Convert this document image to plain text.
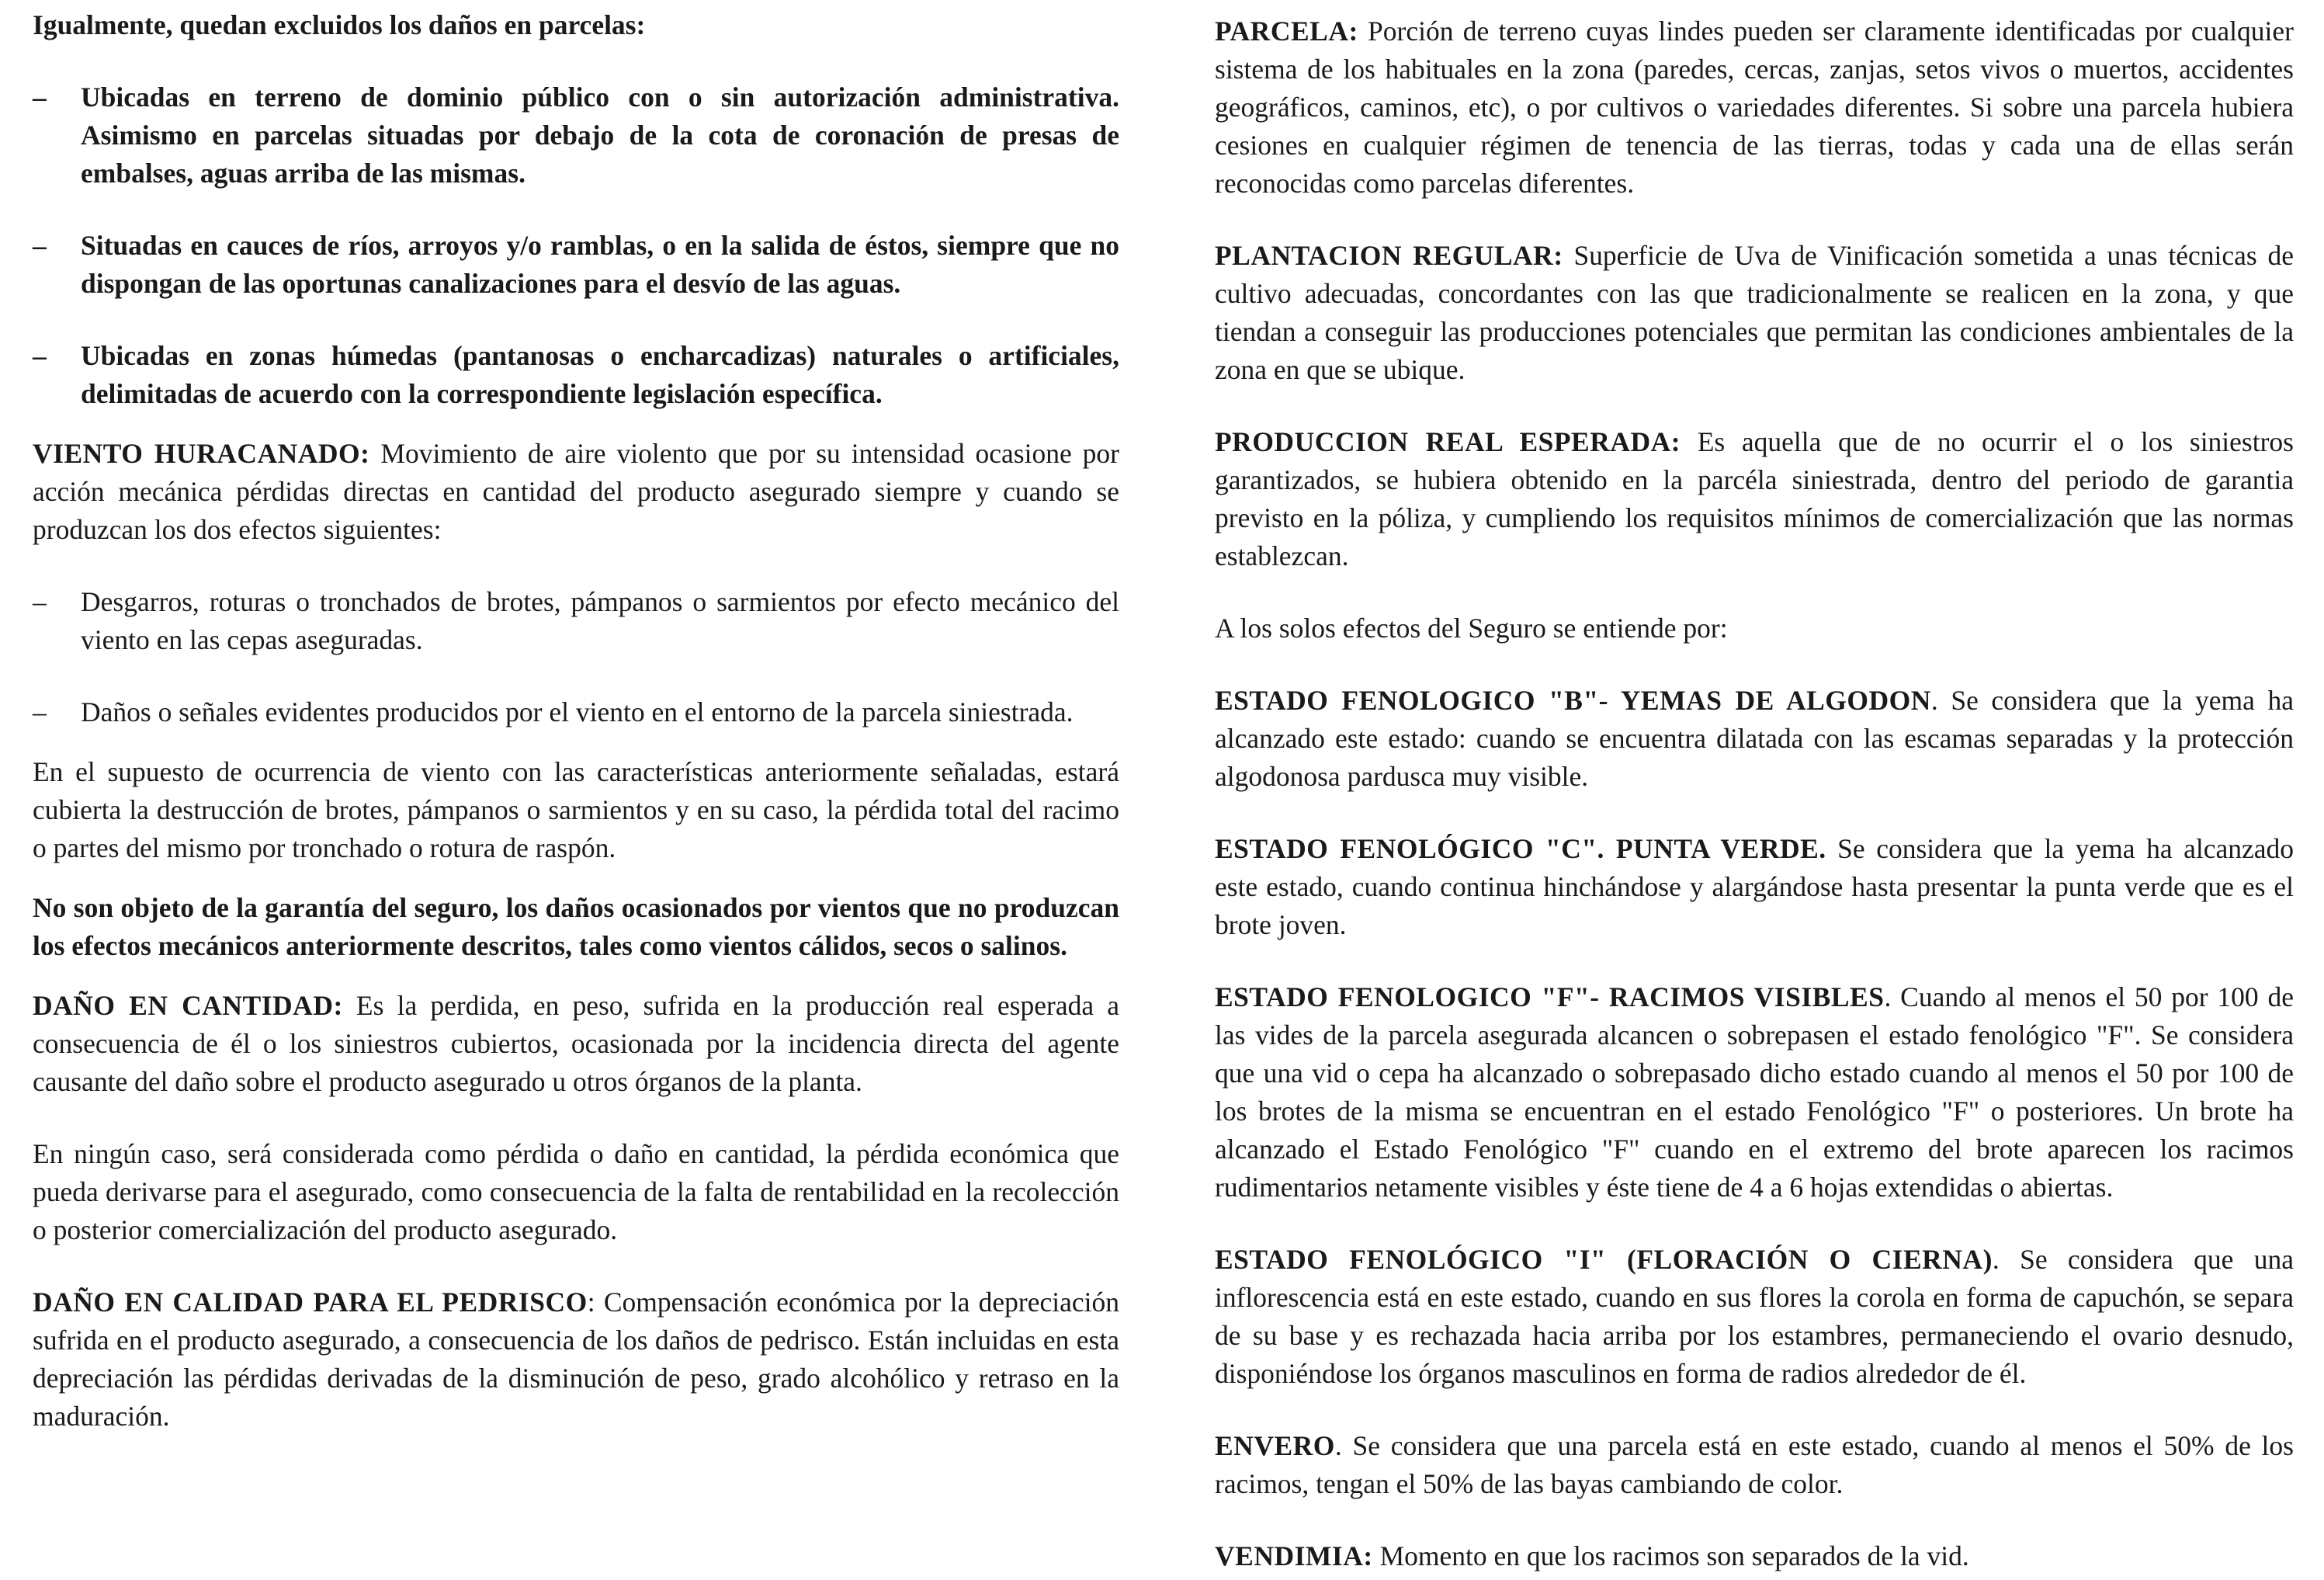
Igualmente, quedan excluidos los daños en parcelas:

– Ubicadas en terreno de dominio público con o sin autorización administrativa. Asimismo en parcelas situadas por debajo de la cota de coronación de presas de embalses, aguas arriba de las mismas.

– Situadas en cauces de ríos, arroyos y/o ramblas, o en la salida de éstos, siempre que no dispongan de las oportunas canalizaciones para el desvío de las aguas.

– Ubicadas en zonas húmedas (pantanosas o encharcadizas) naturales o artificiales, delimitadas de acuerdo con la correspondiente legislación específica.

VIENTO HURACANADO: Movimiento de aire violento que por su intensidad ocasione por acción mecánica pérdidas directas en cantidad del producto asegurado siempre y cuando se produzcan los dos efectos siguientes:

– Desgarros, roturas o tronchados de brotes, pámpanos o sarmientos por efecto mecánico del viento en las cepas aseguradas.

– Daños o señales evidentes producidos por el viento en el entorno de la parcela siniestrada.

En el supuesto de ocurrencia de viento con las características anteriormente señaladas, estará cubierta la destrucción de brotes, pámpanos o sarmientos y en su caso, la pérdida total del racimo o partes del mismo por tronchado o rotura de raspón.

No son objeto de la garantía del seguro, los daños ocasionados por vientos que no produzcan los efectos mecánicos anteriormente descritos, tales como vientos cálidos, secos o salinos.

DAÑO EN CANTIDAD: Es la perdida, en peso, sufrida en la producción real esperada a consecuencia de él o los siniestros cubiertos, ocasionada por la incidencia directa del agente causante del daño sobre el producto asegurado u otros órganos de la planta.

En ningún caso, será considerada como pérdida o daño en cantidad, la pérdida económica que pueda derivarse para el asegurado, como consecuencia de la falta de rentabilidad en la recolección o posterior comercialización del producto asegurado.

DAÑO EN CALIDAD PARA EL PEDRISCO: Compensación económica por la depreciación sufrida en el producto asegurado, a consecuencia de los daños de pedrisco. Están incluidas en esta depreciación las pérdidas derivadas de la disminución de peso, grado alcohólico y retraso en la maduración.

PARCELA: Porción de terreno cuyas lindes pueden ser claramente identificadas por cualquier sistema de los habituales en la zona (paredes, cercas, zanjas, setos vivos o muertos, accidentes geográficos, caminos, etc), o por cultivos o variedades diferentes. Si sobre una parcela hubiera cesiones en cualquier régimen de tenencia de las tierras, todas y cada una de ellas serán reconocidas como parcelas diferentes.

PLANTACION REGULAR: Superficie de Uva de Vinificación sometida a unas técnicas de cultivo adecuadas, concordantes con las que tradicionalmente se realicen en la zona, y que tiendan a conseguir las producciones potenciales que permitan las condiciones ambientales de la zona en que se ubique.

PRODUCCION REAL ESPERADA: Es aquella que de no ocurrir el o los siniestros garantizados, se hubiera obtenido en la parcéla siniestrada, dentro del periodo de garantia previsto en la póliza, y cumpliendo los requisitos mínimos de comercialización que las normas establezcan.

A los solos efectos del Seguro se entiende por:

ESTADO FENOLOGICO "B"- YEMAS DE ALGODON. Se considera que la yema ha alcanzado este estado: cuando se encuentra dilatada con las escamas separadas y la protección algodonosa pardusca muy visible.

ESTADO FENOLÓGICO "C". PUNTA VERDE. Se considera que la yema ha alcanzado este estado, cuando continua hinchándose y alargándose hasta presentar la punta verde que es el brote joven.

ESTADO FENOLOGICO "F"- RACIMOS VISIBLES. Cuando al menos el 50 por 100 de las vides de la parcela asegurada alcancen o sobrepasen el estado fenológico "F". Se considera que una vid o cepa ha alcanzado o sobrepasado dicho estado cuando al menos el 50 por 100 de los brotes de la misma se encuentran en el estado Fenológico "F" o posteriores. Un brote ha alcanzado el Estado Fenológico "F" cuando en el extremo del brote aparecen los racimos rudimentarios netamente visibles y éste tiene de 4 a 6 hojas extendidas o abiertas.

ESTADO FENOLÓGICO "I" (FLORACIÓN O CIERNA). Se considera que una inflorescencia está en este estado, cuando en sus flores la corola en forma de capuchón, se separa de su base y es rechazada hacia arriba por los estambres, permaneciendo el ovario desnudo, disponiéndose los órganos masculinos en forma de radios alrededor de él.

ENVERO. Se considera que una parcela está en este estado, cuando al menos el 50% de los racimos, tengan el 50% de las bayas cambiando de color.

VENDIMIA: Momento en que los racimos son separados de la vid.
